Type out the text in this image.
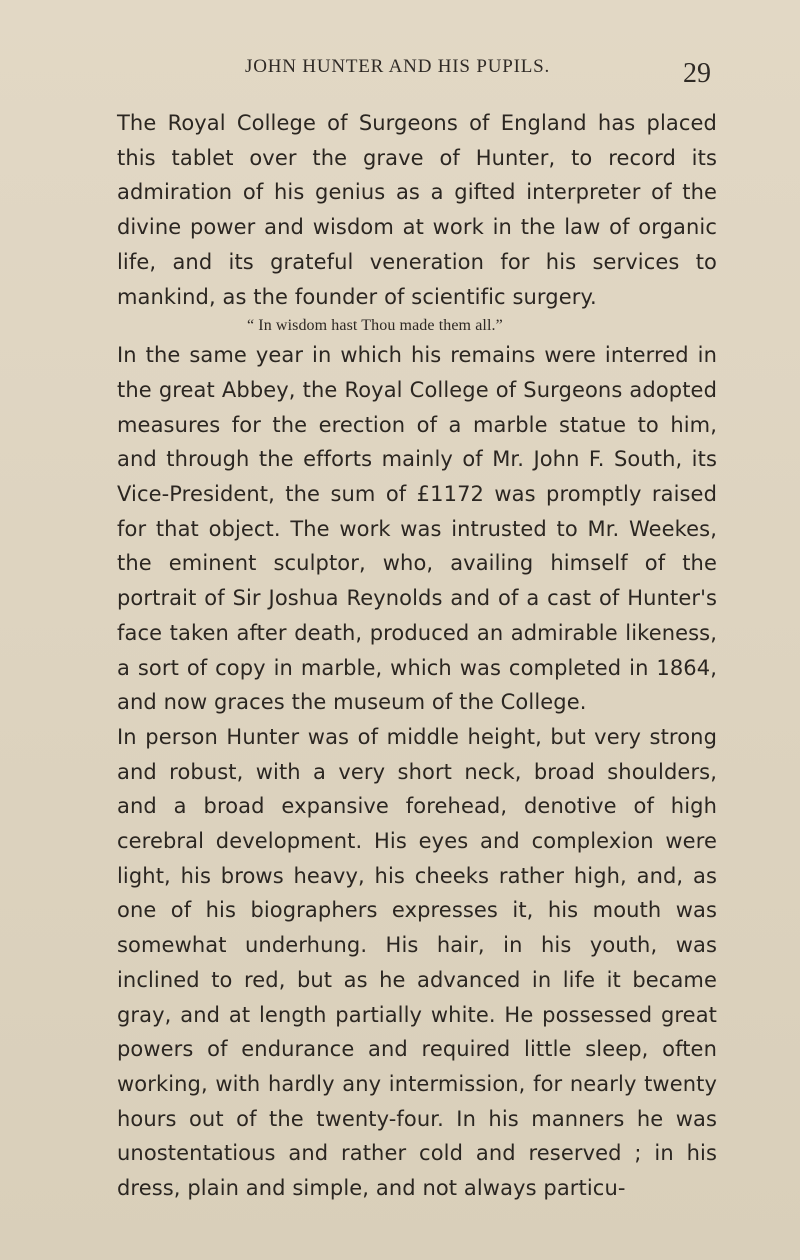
JOHN HUNTER AND HIS PUPILS.	29

The Royal College of Surgeons of England has placed this tablet over the grave of Hunter, to record its admiration of his genius as a gifted interpreter of the divine power and wisdom at work in the law of organic life, and its grateful veneration for his services to mankind, as the founder of scientific surgery.

“ In wisdom hast Thou made them all.”

In the same year in which his remains were interred in the great Abbey, the Royal College of Surgeons adopted measures for the erection of a marble statue to him, and through the efforts mainly of Mr. John F. South, its Vice-President, the sum of £1172 was promptly raised for that object. The work was intrusted to Mr. Weekes, the eminent sculptor, who, availing himself of the portrait of Sir Joshua Reynolds and of a cast of Hunter's face taken after death, produced an admirable likeness, a sort of copy in marble, which was completed in 1864, and now graces the museum of the College.

In person Hunter was of middle height, but very strong and robust, with a very short neck, broad shoulders, and a broad expansive forehead, denotive of high cerebral development. His eyes and complexion were light, his brows heavy, his cheeks rather high, and, as one of his biographers expresses it, his mouth was somewhat underhung. His hair, in his youth, was inclined to red, but as he advanced in life it became gray, and at length partially white. He possessed great powers of endurance and required little sleep, often working, with hardly any intermission, for nearly twenty hours out of the twenty-four. In his manners he was unostentatious and rather cold and reserved ; in his dress, plain and simple, and not always particu-
